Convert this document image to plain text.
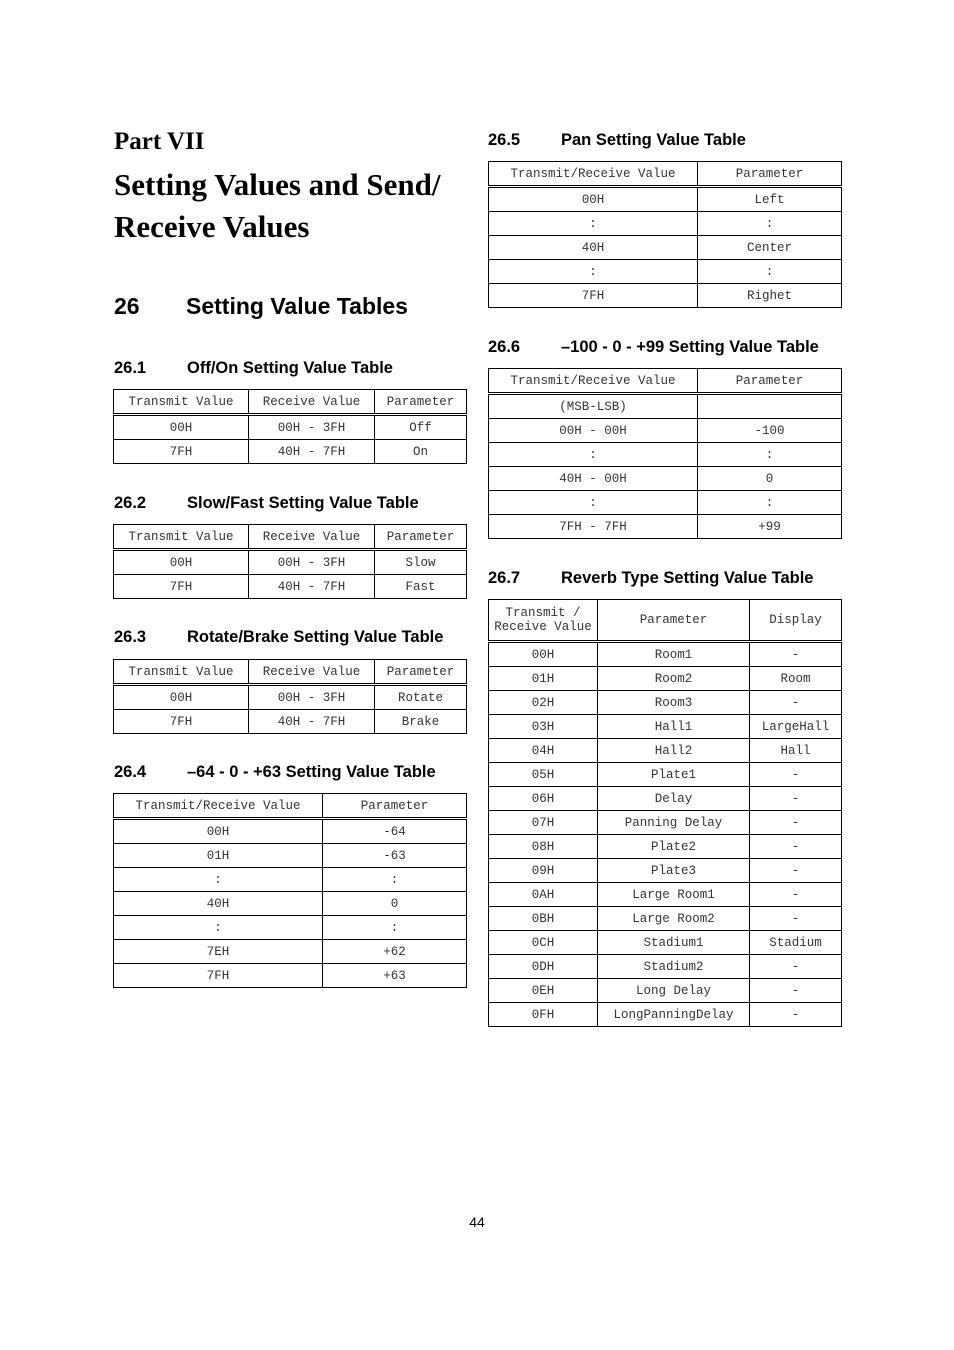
Part VII
Setting Values and Send/ Receive Values
26 Setting Value Tables
26.1 Off/On Setting Value Table
Transmit Value	Receive Value	Parameter
00H	00H - 3FH	Off
7FH	40H - 7FH	On
26.2 Slow/Fast Setting Value Table
Transmit Value	Receive Value	Parameter
00H	00H - 3FH	Slow
7FH	40H - 7FH	Fast
26.3 Rotate/Brake Setting Value Table
Transmit Value	Receive Value	Parameter
00H	00H - 3FH	Rotate
7FH	40H - 7FH	Brake
26.4 –64 - 0 - +63 Setting Value Table
Transmit/Receive Value	Parameter
00H	-64
01H	-63
:	:
40H	0
:	:
7EH	+62
7FH	+63
26.5 Pan Setting Value Table
Transmit/Receive Value	Parameter
00H	Left
:	:
40H	Center
:	:
7FH	Righet
26.6 –100 - 0 - +99 Setting Value Table
Transmit/Receive Value	Parameter
(MSB-LSB)	
00H - 00H	-100
:	:
40H - 00H	0
:	:
7FH - 7FH	+99
26.7 Reverb Type Setting Value Table
Transmit / Receive Value	Parameter	Display
00H	Room1	-
01H	Room2	Room
02H	Room3	-
03H	Hall1	LargeHall
04H	Hall2	Hall
05H	Plate1	-
06H	Delay	-
07H	Panning Delay	-
08H	Plate2	-
09H	Plate3	-
0AH	Large Room1	-
0BH	Large Room2	-
0CH	Stadium1	Stadium
0DH	Stadium2	-
0EH	Long Delay	-
0FH	LongPanningDelay	-
44
